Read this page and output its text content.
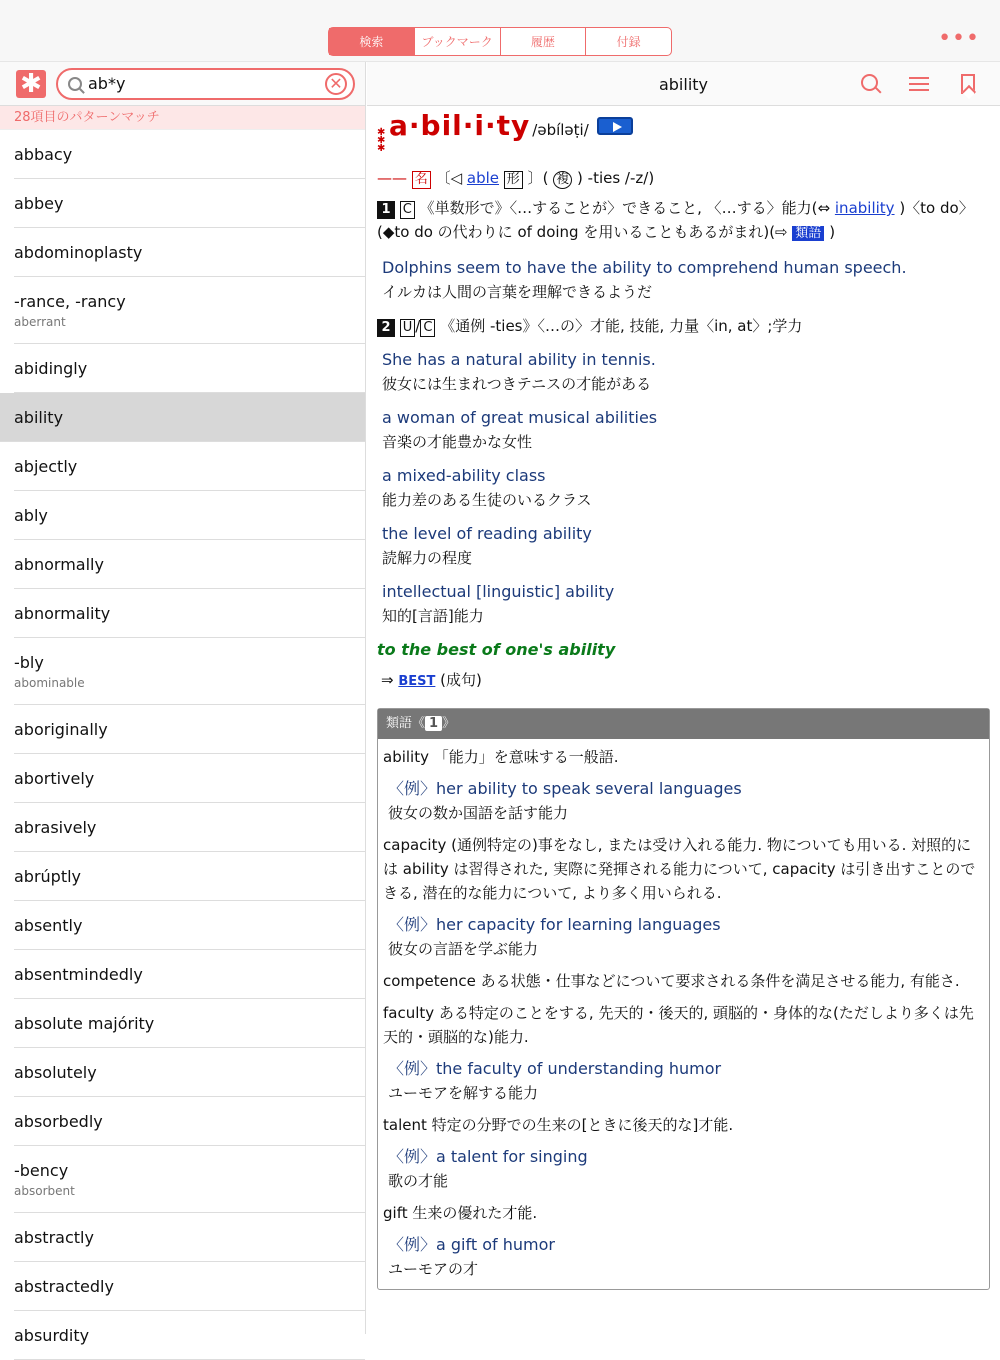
検索	ブックマーク	履歴	付録	•••
✱
ab*y	✕
28項目のパターンマッチ
abbacy
abbey
abdominoplasty
-rance, -rancy
aberrant
abidingly
ability
abjectly
ably
abnormally
abnormality
-bly
abominable
aboriginally
abortively
abrasively
abrúptly
absently
absentmindedly
absolute majórity
absolutely
absorbedly
-bency
absorbent
abstractly
abstractedly
absurdity
ability
✱
✱
✱
a·bil·i·ty /əbíləṭi/
—— 名 〔◁ able 形 〕( 複 ) -ties /-z/)
1 C 《単数形で》〈…することが〉できること, 〈…する〉能力(⇔ inability )〈to do〉(◆to do の代わりに of doing を用いることもあるがまれ)(⇨ 類語 )
Dolphins seem to have the ability to comprehend human speech.
イルカは人間の言葉を理解できるようだ
2 U / C 《通例 -ties》〈…の〉才能, 技能, 力量〈in, at〉;学力
She has a natural ability in tennis.
彼女には生まれつきテニスの才能がある
a woman of great musical abilities
音楽の才能豊かな女性
a mixed-ability class
能力差のある生徒のいるクラス
the level of reading ability
読解力の程度
intellectual [linguistic] ability
知的[言語]能力
to the best of one's ability
⇒ BEST (成句)
類語《 1 》

ability 「能力」を意味する一般語.

〈例〉her ability to speak several languages
彼女の数か国語を話す能力

capacity (通例特定の)事をなし, または受け入れる能力. 物についても用いる. 対照的には ability は習得された, 実際に発揮される能力について, capacity は引き出すことのできる, 潜在的な能力について, より多く用いられる.

〈例〉her capacity for learning languages
彼女の言語を学ぶ能力

competence ある状態・仕事などについて要求される条件を満足させる能力, 有能さ.

faculty ある特定のことをする, 先天的・後天的, 頭脳的・身体的な(ただしより多くは先天的・頭脳的な)能力.

〈例〉the faculty of understanding humor
ユーモアを解する能力

talent 特定の分野での生来の[ときに後天的な]才能.

〈例〉a talent for singing
歌の才能

gift 生来の優れた才能.

〈例〉a gift of humor
ユーモアの才
